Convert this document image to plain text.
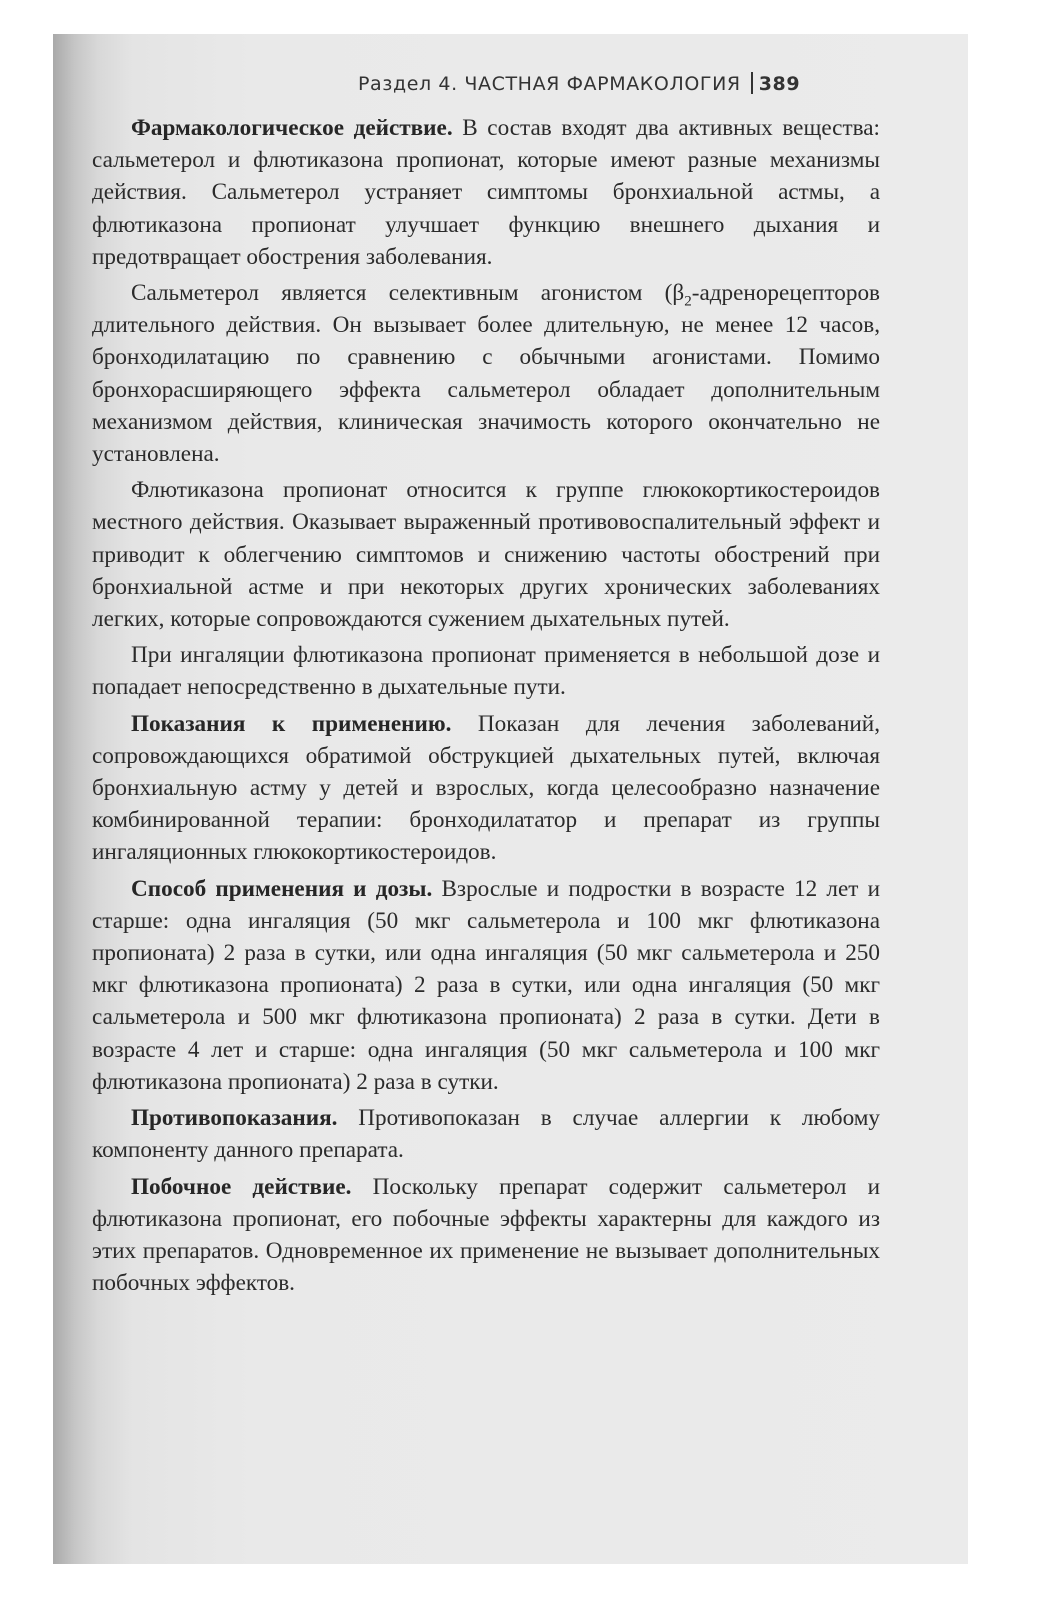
Раздел 4. ЧАСТНАЯ ФАРМАКОЛОГИЯ 389

Фармакологическое действие. В состав входят два активных вещества: сальметерол и флютиказона пропионат, которые имеют разные механизмы действия. Сальметерол устраняет симптомы бронхиальной астмы, а флютиказона пропионат улучшает функцию внешнего дыхания и предотвращает обострения заболевания.

Сальметерол является селективным агонистом ($\beta_2$-адренорецепторов длительного действия. Он вызывает более длительную, не менее 12 часов, бронходилатацию по сравнению с обычными агонистами. Помимо бронхорасширяющего эффекта сальметерол обладает дополнительным механизмом действия, клиническая значимость которого окончательно не установлена.

Флютиказона пропионат относится к группе глюкокортикостероидов местного действия. Оказывает выраженный противовоспалительный эффект и приводит к облегчению симптомов и снижению частоты обострений при бронхиальной астме и при некоторых других хронических заболеваниях легких, которые сопровождаются сужением дыхательных путей.

При ингаляции флютиказона пропионат применяется в небольшой дозе и попадает непосредственно в дыхательные пути.

Показания к применению. Показан для лечения заболеваний, сопровождающихся обратимой обструкцией дыхательных путей, включая бронхиальную астму у детей и взрослых, когда целесообразно назначение комбинированной терапии: бронходилататор и препарат из группы ингаляционных глюкокортикостероидов.

Способ применения и дозы. Взрослые и подростки в возрасте 12 лет и старше: одна ингаляция (50 мкг сальметерола и 100 мкг флютиказона пропионата) 2 раза в сутки, или одна ингаляция (50 мкг сальметерола и 250 мкг флютиказона пропионата) 2 раза в сутки, или одна ингаляция (50 мкг сальметерола и 500 мкг флютиказона пропионата) 2 раза в сутки. Дети в возрасте 4 лет и старше: одна ингаляция (50 мкг сальметерола и 100 мкг флютиказона пропионата) 2 раза в сутки.

Противопоказания. Противопоказан в случае аллергии к любому компоненту данного препарата.

Побочное действие. Поскольку препарат содержит сальметерол и флютиказона пропионат, его побочные эффекты характерны для каждого из этих препаратов. Одновременное их применение не вызывает дополнительных побочных эффектов.
